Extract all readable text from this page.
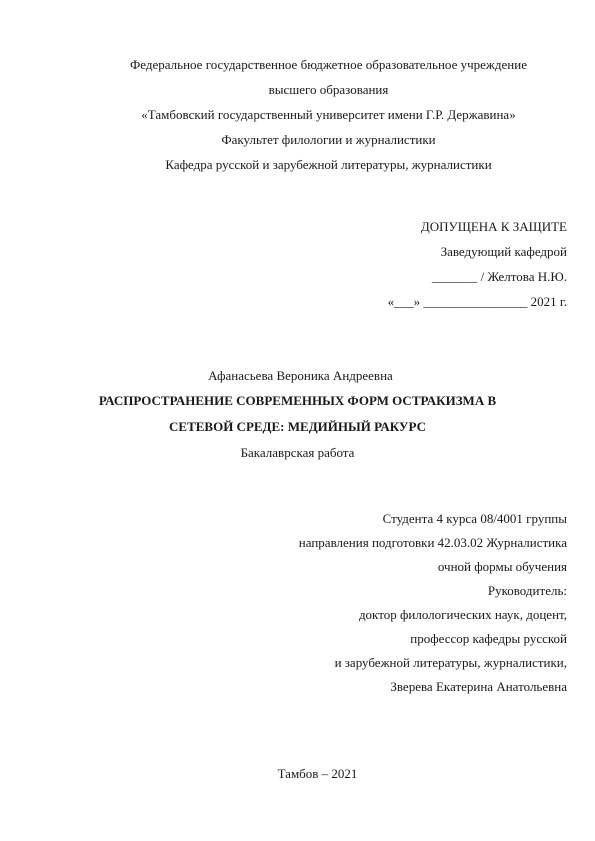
Федеральное государственное бюджетное образовательное учреждение
высшего образования
«Тамбовский государственный университет имени Г.Р. Державина»
Факультет филологии и журналистики
Кафедра русской и зарубежной литературы, журналистики
ДОПУЩЕНА К ЗАЩИТЕ
Заведующий кафедрой
_______ / Желтова Н.Ю.
«___» ________________ 2021 г.
Афанасьева Вероника Андреевна
РАСПРОСТРАНЕНИЕ СОВРЕМЕННЫХ ФОРМ ОСТРАКИЗМА В
СЕТЕВОЙ СРЕДЕ: МЕДИЙНЫЙ РАКУРС
Бакалаврская работа
Студента 4 курса 08/4001 группы
направления подготовки 42.03.02 Журналистика
очной формы обучения
Руководитель:
доктор филологических наук, доцент,
профессор кафедры русской
и зарубежной литературы, журналистики,
Зверева Екатерина Анатольевна
Тамбов – 2021
